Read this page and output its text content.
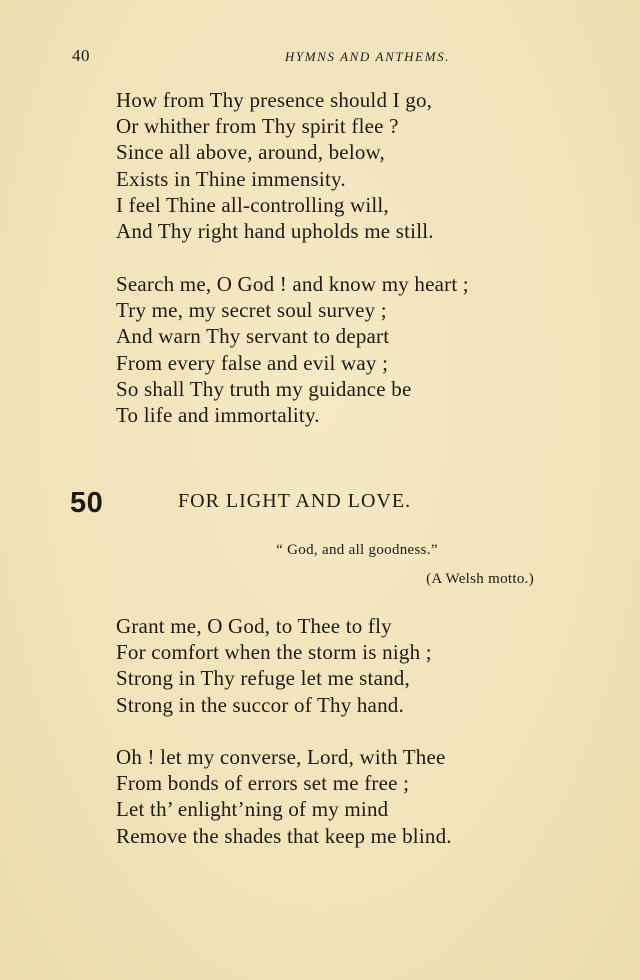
40	HYMNS AND ANTHEMS.
How from Thy presence should I go,
Or whither from Thy spirit flee ?
Since all above, around, below,
Exists in Thine immensity.
I feel Thine all-controlling will,
And Thy right hand upholds me still.
Search me, O God ! and know my heart ;
Try me, my secret soul survey ;
And warn Thy servant to depart
From every false and evil way ;
So shall Thy truth my guidance be
To life and immortality.
50	FOR LIGHT AND LOVE.
“ God, and all goodness.”
(A Welsh motto.)
Grant me, O God, to Thee to fly
For comfort when the storm is nigh ;
Strong in Thy refuge let me stand,
Strong in the succor of Thy hand.
Oh ! let my converse, Lord, with Thee
From bonds of errors set me free ;
Let th’ enlight’ning of my mind
Remove the shades that keep me blind.
